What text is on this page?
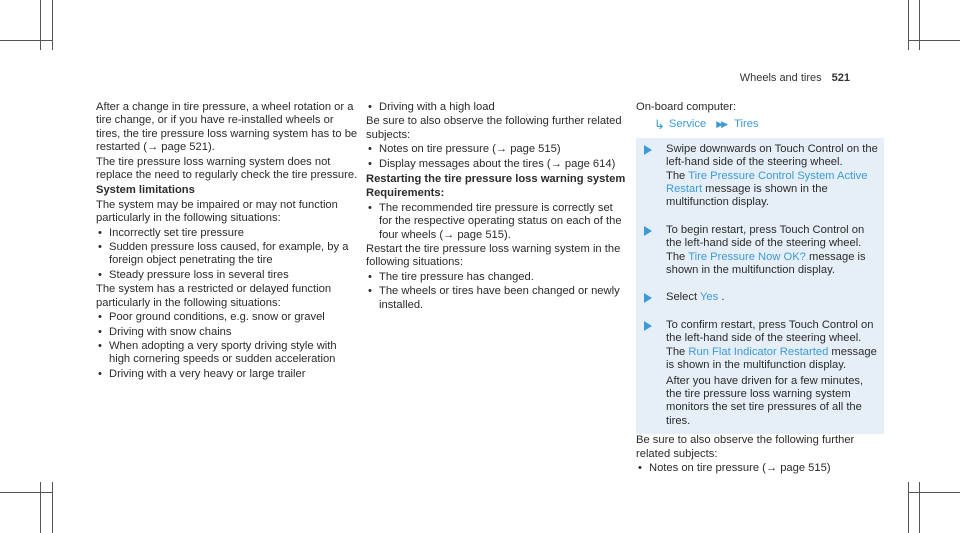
Wheels and tires 521

After a change in tire pressure, a wheel rotation or a tire change, or if you have re-installed wheels or tires, the tire pressure loss warning system has to be restarted (→ page 521).

The tire pressure loss warning system does not replace the need to regularly check the tire pressure.

System limitations

The system may be impaired or may not function particularly in the following situations:

• Incorrectly set tire pressure
• Sudden pressure loss caused, for example, by a foreign object penetrating the tire
• Steady pressure loss in several tires

The system has a restricted or delayed function particularly in the following situations:

• Poor ground conditions, e.g. snow or gravel
• Driving with snow chains
• When adopting a very sporty driving style with high cornering speeds or sudden acceleration
• Driving with a very heavy or large trailer
• Driving with a high load

Be sure to also observe the following further related subjects:

• Notes on tire pressure (→ page 515)
• Display messages about the tires (→ page 614)
Restarting the tire pressure loss warning system
Requirements:
• The recommended tire pressure is correctly set for the respective operating status on each of the four wheels (→ page 515).

Restart the tire pressure loss warning system in the following situations:

• The tire pressure has changed.
• The wheels or tires have been changed or newly installed.

On-board computer:

↳ Service ▶▶ Tires

Swipe downwards on Touch Control on the left-hand side of the steering wheel.
The Tire Pressure Control System Active Restart message is shown in the multifunction display.

To begin restart, press Touch Control on the left-hand side of the steering wheel.
The Tire Pressure Now OK? message is shown in the multifunction display.

Select Yes .

To confirm restart, press Touch Control on the left-hand side of the steering wheel.
The Run Flat Indicator Restarted message is shown in the multifunction display.

After you have driven for a few minutes, the tire pressure loss warning system monitors the set tire pressures of all the tires.

Be sure to also observe the following further related subjects:

• Notes on tire pressure (→ page 515)
